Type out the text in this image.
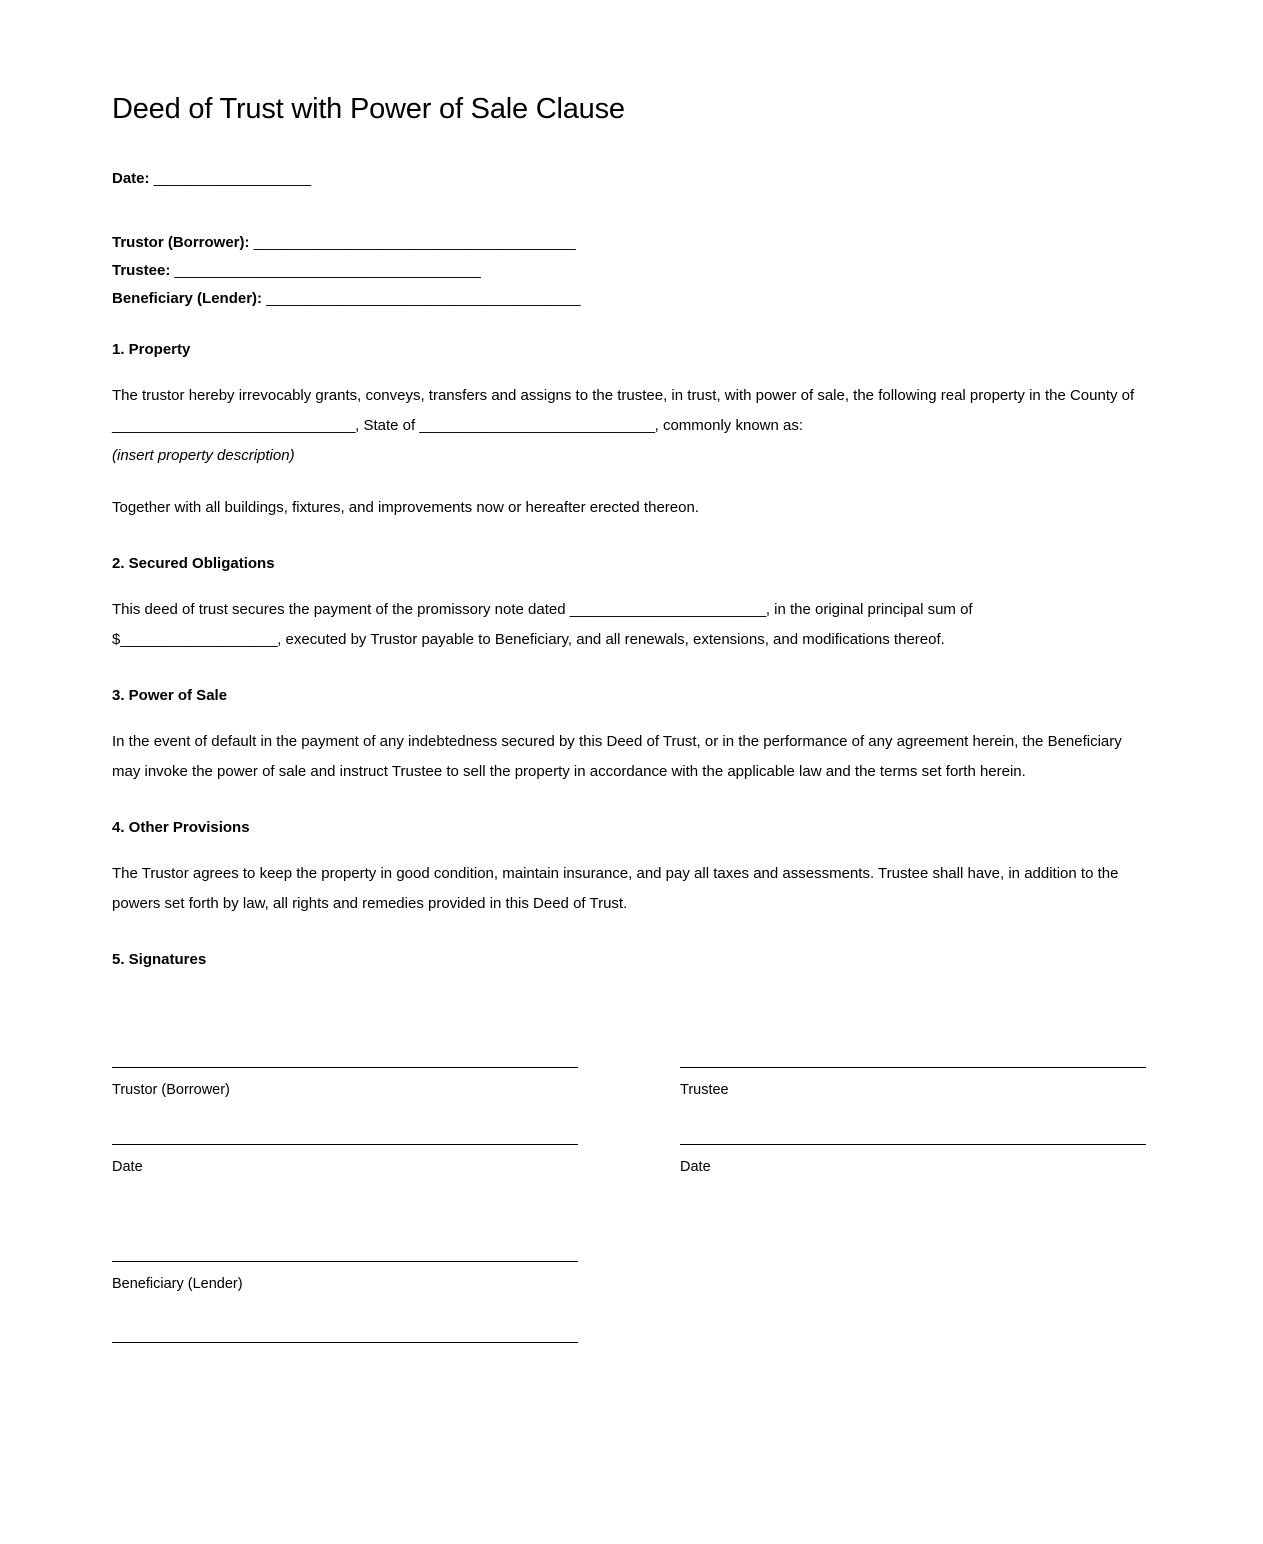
Deed of Trust with Power of Sale Clause

Date: ____________________

Trustor (Borrower): _________________________________________

Trustee: _______________________________________

Beneficiary (Lender): ________________________________________

1. Property

The trustor hereby irrevocably grants, conveys, transfers and assigns to the trustee, in trust, with power of sale, the following real property in the County of _______________________________, State of ______________________________, commonly known as:

(insert property description)

Together with all buildings, fixtures, and improvements now or hereafter erected thereon.

2. Secured Obligations

This deed of trust secures the payment of the promissory note dated _________________________, in the original principal sum of $____________________, executed by Trustor payable to Beneficiary, and all renewals, extensions, and modifications thereof.

3. Power of Sale

In the event of default in the payment of any indebtedness secured by this Deed of Trust, or in the performance of any agreement herein, the Beneficiary may invoke the power of sale and instruct Trustee to sell the property in accordance with the applicable law and the terms set forth herein.

4. Other Provisions

The Trustor agrees to keep the property in good condition, maintain insurance, and pay all taxes and assessments. Trustee shall have, in addition to the powers set forth by law, all rights and remedies provided in this Deed of Trust.

5. Signatures
Trustor (Borrower)
Date
Trustee
Date
Beneficiary (Lender)
